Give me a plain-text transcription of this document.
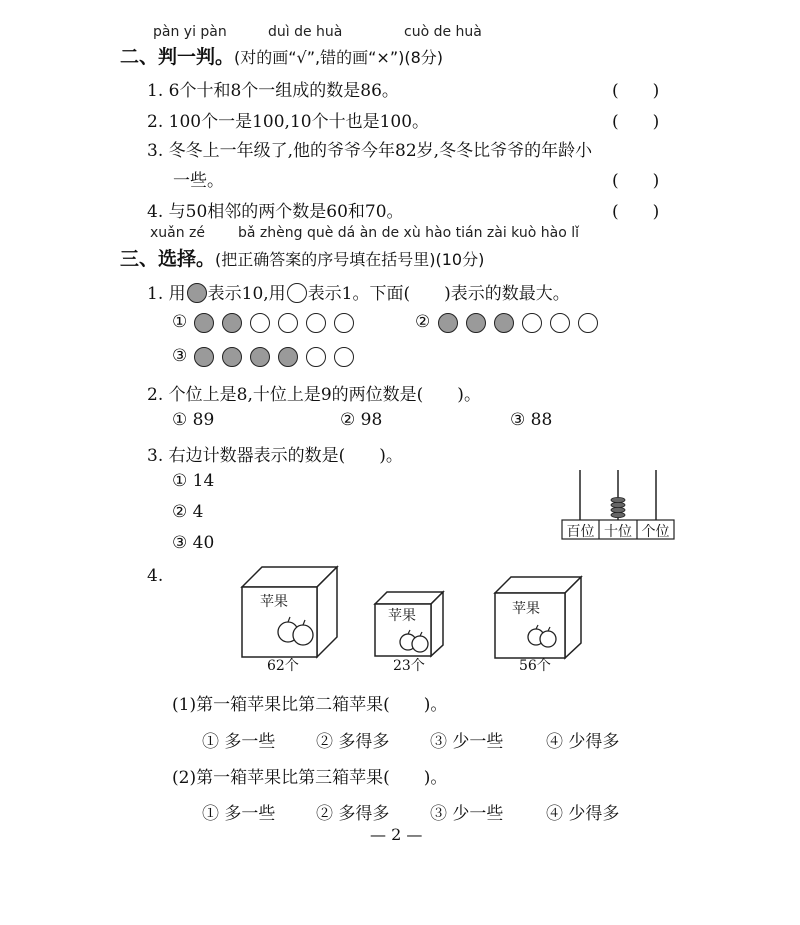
pàn yi pàn	duì de huà	cuò de huà
二、判一判。(对的画“√”,错的画“×”)(8分)
1. 6个十和8个一组成的数是86。	(　　)
2. 100个一是100,10个十也是100。	(　　)
3. 冬冬上一年级了,他的爷爷今年82岁,冬冬比爷爷的年龄小
一些。	(　　)
4. 与50相邻的两个数是60和70。	(　　)
xuǎn zé bǎ zhèng què dá àn de xù hào tián zài kuò hào lǐ
三、选择。(把正确答案的序号填在括号里)(10分)
1. 用 表示10,用 表示1。下面(　　)表示的数最大。
①	②
③
2. 个位上是8,十位上是9的两位数是(　　)。
① 89	② 98	③ 88
3. 右边计数器表示的数是(　　)。
① 14
② 4
③ 40
百位 十位 个位
4.
苹果
62个
苹果
23个
苹果
56个
(1)第一箱苹果比第二箱苹果(　　)。
① 多一些 ② 多得多 ③ 少一些	④ 少得多
(2)第一箱苹果比第三箱苹果(　　)。
① 多一些 ② 多得多 ③ 少一些	④ 少得多
— 2 —
